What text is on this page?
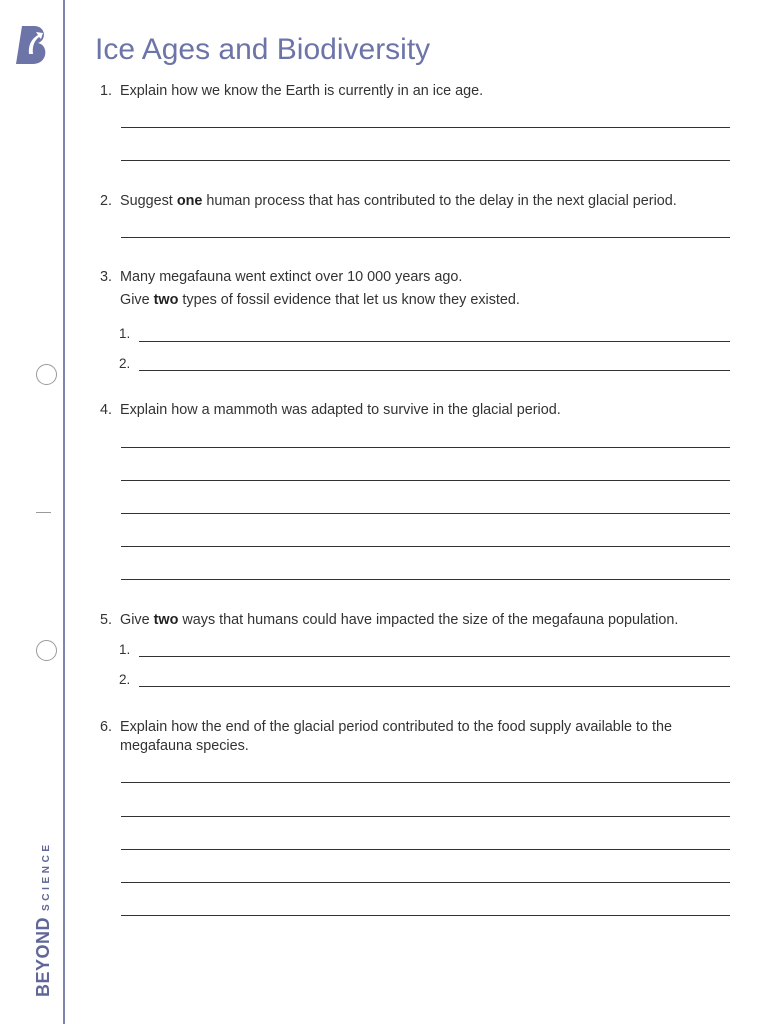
BEYONDSCIENCE
Ice Ages and Biodiversity
1. Explain how we know the Earth is currently in an ice age.
2. Suggest one human process that has contributed to the delay in the next glacial period.
3. Many megafauna went extinct over 10 000 years ago.
Give two types of fossil evidence that let us know they existed.
1.
2.
4. Explain how a mammoth was adapted to survive in the glacial period.
5. Give two ways that humans could have impacted the size of the megafauna population.
1.
2.
6. Explain how the end of the glacial period contributed to the food supply available to the megafauna species.
